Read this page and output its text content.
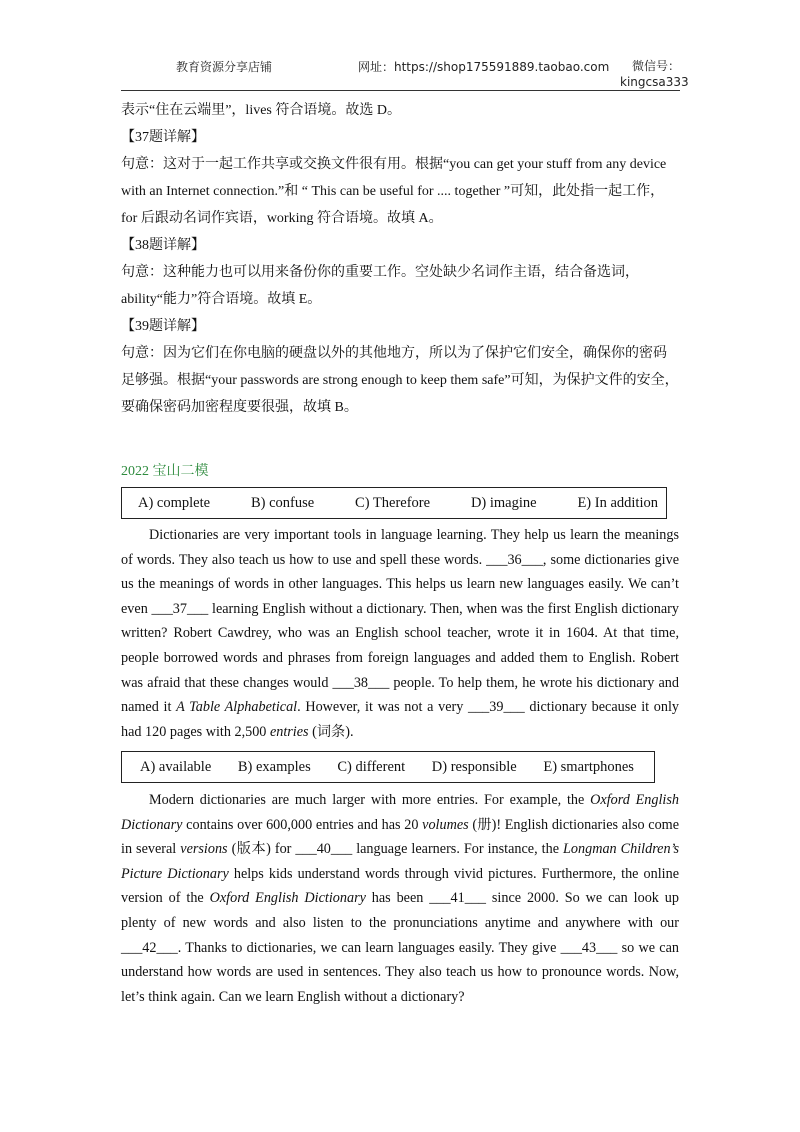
教育资源分享店铺	网址：https://shop175591889.taobao.com	微信号：
kingcsa333

表示“住在云端里”，lives 符合语境。故选 D。

【37题详解】

句意：这对于一起工作共享或交换文件很有用。根据“you can get your stuff from any device

with an Internet connection.”和 “ This can be useful for .... together ”可知，此处指一起工作，

for 后跟动名词作宾语，working 符合语境。故填 A。

【38题详解】

句意：这种能力也可以用来备份你的重要工作。空处缺少名词作主语，结合备选词，

ability“能力”符合语境。故填 E。

【39题详解】

句意：因为它们在你电脑的硬盘以外的其他地方，所以为了保护它们安全，确保你的密码

足够强。根据“your passwords are strong enough to keep them safe”可知，为保护文件的安全，

要确保密码加密程度要很强，故填 B。

2022 宝山二模
A) complete	B) confuse	C) Therefore	D) imagine	E) In addition

Dictionaries are very important tools in language learning. They help us learn the meanings of words. They also teach us how to use and spell these words. ___36___, some dictionaries give us the meanings of words in other languages. This helps us learn new languages easily. We can’t even ___37___ learning English without a dictionary. Then, when was the first English dictionary written? Robert Cawdrey, who was an English school teacher, wrote it in 1604. At that time, people borrowed words and phrases from foreign languages and added them to English. Robert was afraid that these changes would ___38___ people. To help them, he wrote his dictionary and named it A Table Alphabetical. However, it was not a very ___39___ dictionary because it only had 120 pages with 2,500 entries (词条).

A) available B) examples C) different D) responsible E) smartphones

Modern dictionaries are much larger with more entries. For example, the Oxford English Dictionary contains over 600,000 entries and has 20 volumes (册)! English dictionaries also come in several versions (版本) for ___40___ language learners. For instance, the Longman Children’s Picture Dictionary helps kids understand words through vivid pictures. Furthermore, the online version of the Oxford English Dictionary has been ___41___ since 2000. So we can look up plenty of new words and also listen to the pronunciations anytime and anywhere with our ___42___. Thanks to dictionaries, we can learn languages easily. They give ___43___ so we can understand how words are used in sentences. They also teach us how to pronounce words. Now, let’s think again. Can we learn English without a dictionary?
